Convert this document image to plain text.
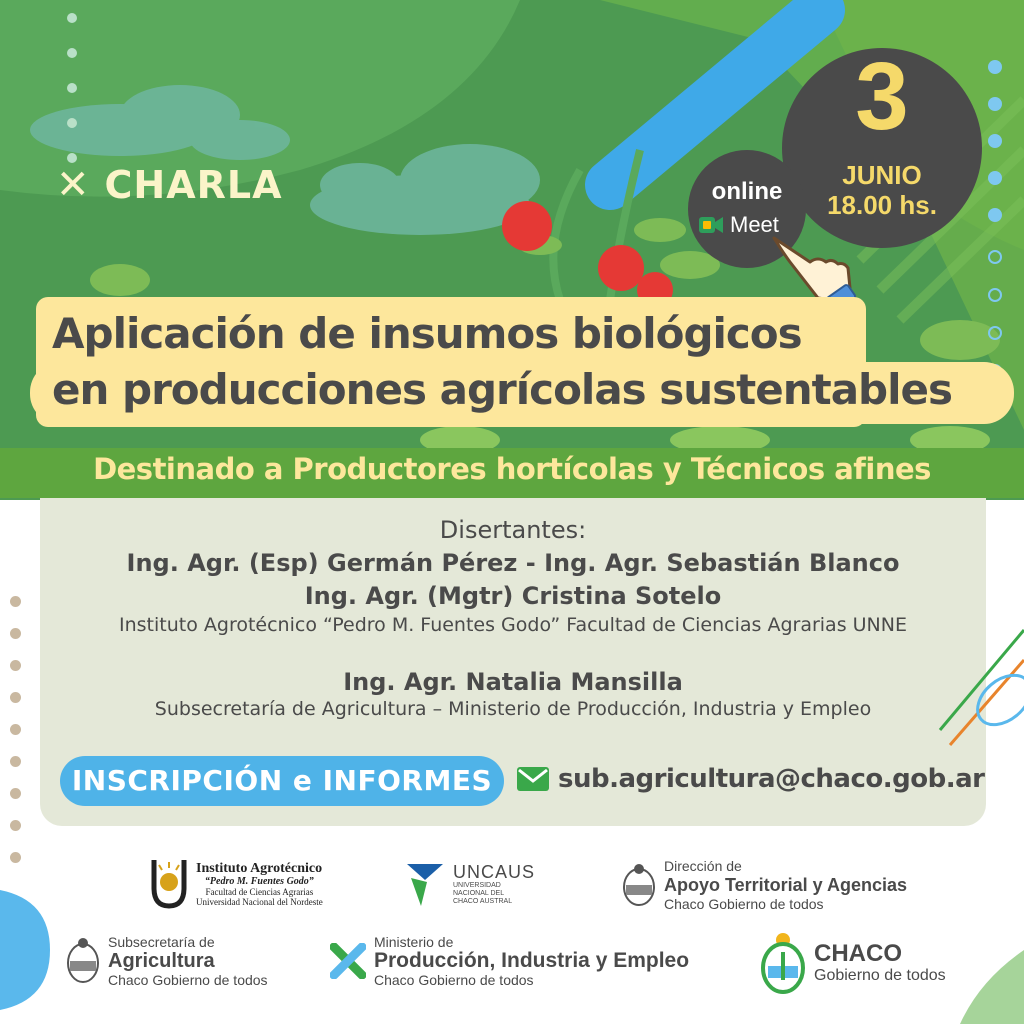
✕ CHARLA
3
JUNIO
18.00 hs.
online
Meet
Aplicación de insumos biológicos
en producciones agrícolas sustentables
Destinado a Productores hortícolas y Técnicos afines
Disertantes:
Ing. Agr. (Esp) Germán Pérez - Ing. Agr. Sebastián Blanco
Ing. Agr. (Mgtr) Cristina Sotelo
Instituto Agrotécnico “Pedro M. Fuentes Godo” Facultad de Ciencias Agrarias UNNE
Ing. Agr. Natalia Mansilla
Subsecretaría de Agricultura – Ministerio de Producción, Industria y Empleo
INSCRIPCIÓN e INFORMES	sub.agricultura@chaco.gob.ar
Instituto Agrotécnico
“Pedro M. Fuentes Godo”
Facultad de Ciencias Agrarias
Universidad Nacional del Nordeste
UNCAUS
UNIVERSIDAD
NACIONAL DEL
CHACO AUSTRAL
Dirección de
Apoyo Territorial y Agencias
Chaco Gobierno de todos
Subsecretaría de
Agricultura
Chaco Gobierno de todos
Ministerio de
Producción, Industria y Empleo
Chaco Gobierno de todos
CHACO
Gobierno de todos
